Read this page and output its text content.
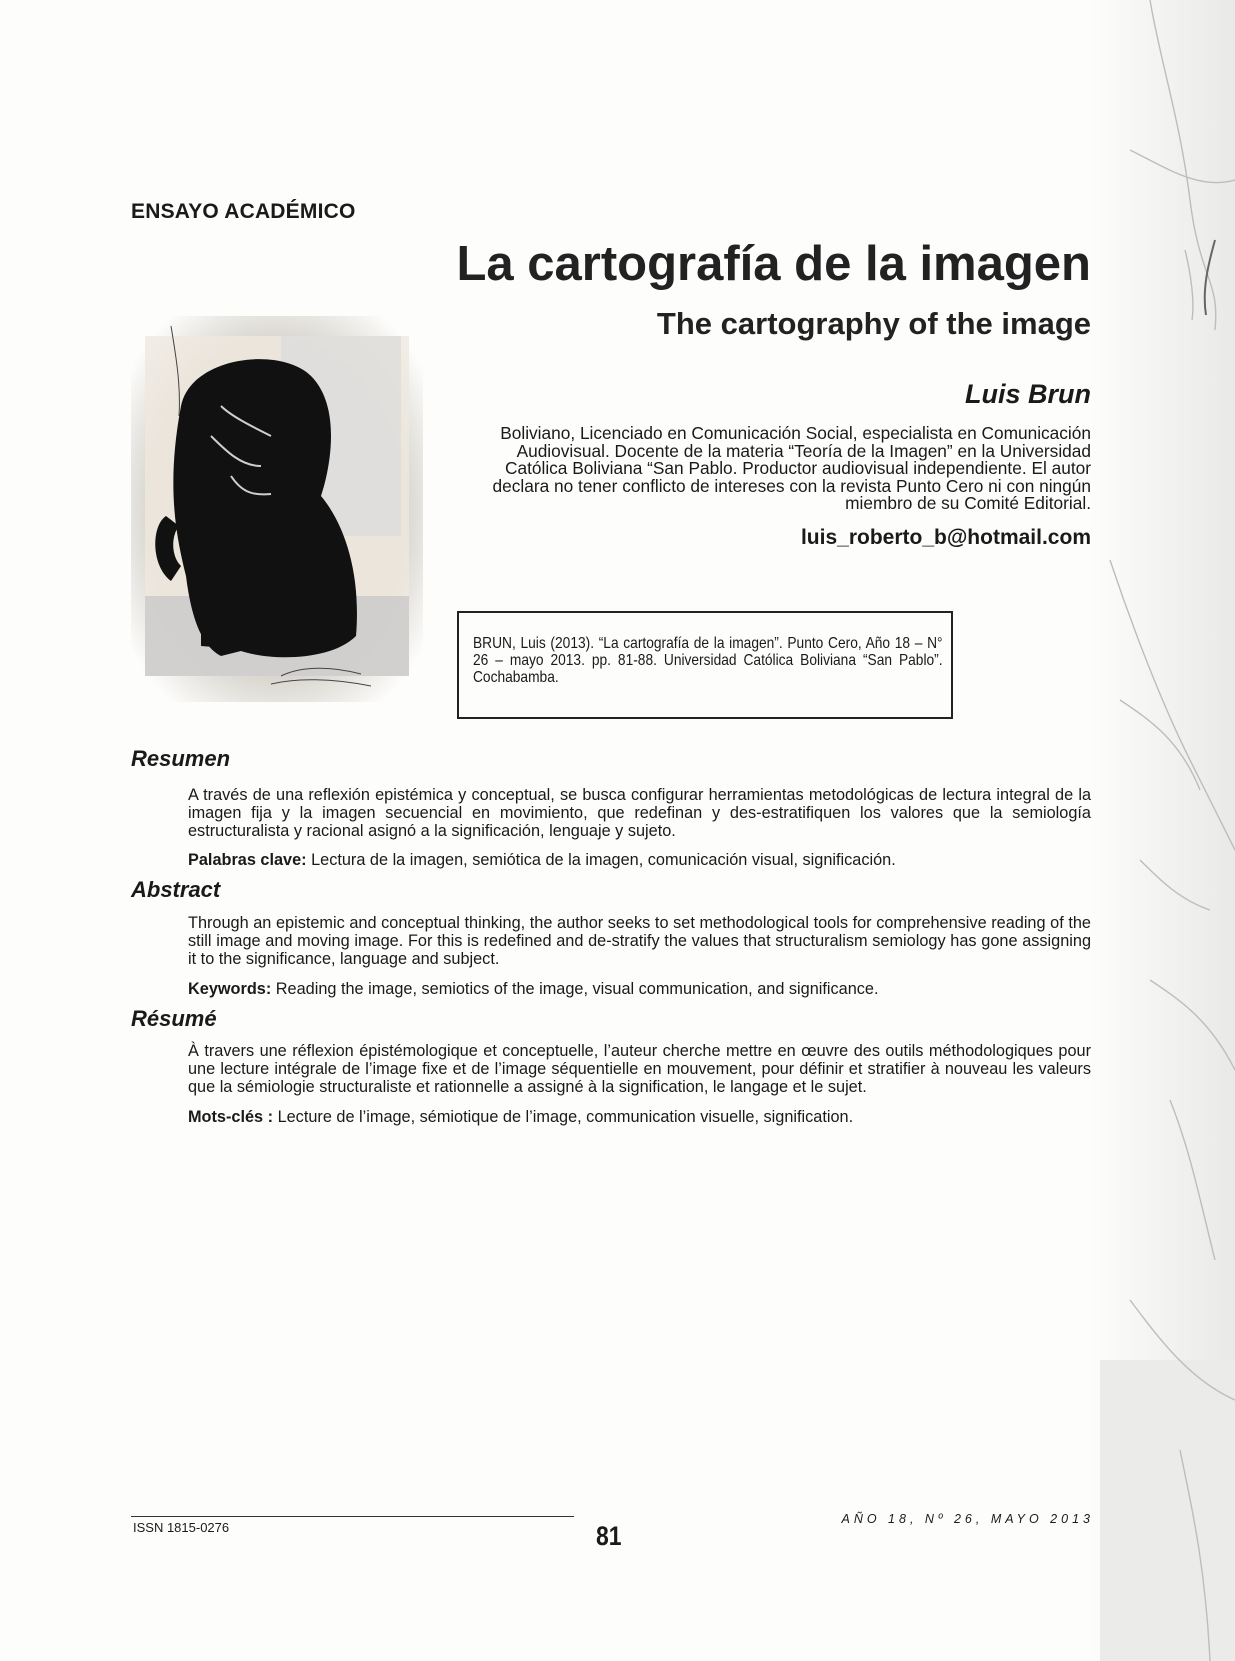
ENSAYO ACADÉMICO
La cartografía de la imagen
The cartography of the image
Luis Brun

Boliviano, Licenciado en Comunicación Social, especialista en Comunicación Audiovisual. Docente de la materia “Teoría de la Imagen” en la Universidad Católica Boliviana “San Pablo. Productor audiovisual independiente. El autor declara no tener conflicto de intereses con la revista Punto Cero ni con ningún miembro de su Comité Editorial.

luis_roberto_b@hotmail.com

BRUN, Luis (2013). “La cartografía de la imagen”. Punto Cero, Año 18 – N° 26 – mayo 2013. pp. 81-88. Universidad Católica Boliviana “San Pablo”. Cochabamba.

Resumen

A través de una reflexión epistémica y conceptual, se busca configurar herramientas metodológicas de lectura integral de la imagen fija y la imagen secuencial en movimiento, que redefinan y des-estratifiquen los valores que la semiología estructuralista y racional asignó a la significación, lenguaje y sujeto.

Palabras clave: Lectura de la imagen, semiótica de la imagen, comunicación visual, significación.

Abstract

Through an epistemic and conceptual thinking, the author seeks to set methodological tools for comprehensive reading of the still image and moving image. For this is redefined and de-stratify the values that structuralism semiology has gone assigning it to the significance, language and subject.

Keywords: Reading the image, semiotics of the image, visual communication, and significance.

Résumé

À travers une réflexion épistémologique et conceptuelle, l’auteur cherche mettre en œuvre des outils méthodologiques pour une lecture intégrale de l’image fixe et de l’image séquentielle en mouvement, pour définir et stratifier à nouveau les valeurs que la sémiologie structuraliste et rationnelle a assigné à la signification, le langage et le sujet.

Mots-clés : Lecture de l’image, sémiotique de l’image, communication visuelle, signification.

ISSN 1815-0276	81
AÑO 18, Nº 26, MAYO 2013
